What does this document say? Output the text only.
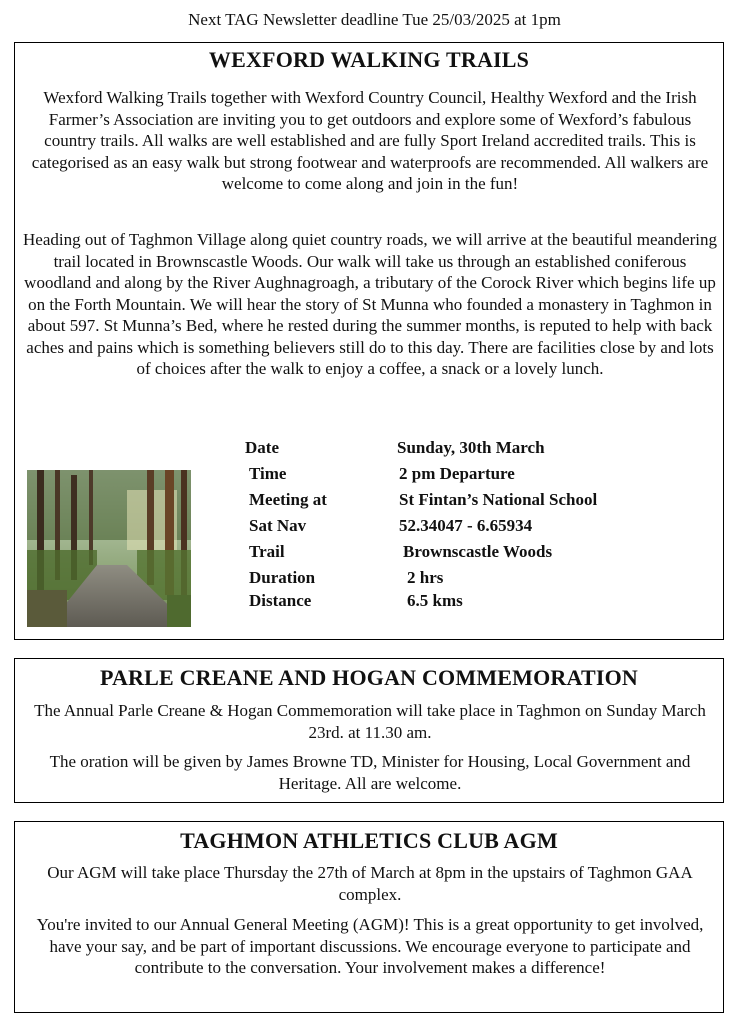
Next TAG Newsletter deadline Tue 25/03/2025 at 1pm
WEXFORD WALKING TRAILS

Wexford Walking Trails together with Wexford Country Council, Healthy Wexford and the Irish Farmer’s Association are inviting you to get outdoors and explore some of Wexford’s fabulous country trails. All walks are well established and are fully Sport Ireland accredited trails. This is categorised as an easy walk but strong footwear and waterproofs are recommended. All walkers are welcome to come along and join in the fun!

Heading out of Taghmon Village along quiet country roads, we will arrive at the beautiful meandering trail located in Brownscastle Woods. Our walk will take us through an established coniferous woodland and along by the River Aughnagroagh, a tributary of the Corock River which begins life up on the Forth Mountain. We will hear the story of St Munna who founded a monastery in Taghmon in about 597. St Munna’s Bed, where he rested during the summer months, is reputed to help with back aches and pains which is something believers still do to this day. There are facilities close by and lots of choices after the walk to enjoy a coffee, a snack or a lovely lunch.

Date	Sunday, 30th March
Time	2 pm Departure
Meeting at	St Fintan’s National School
Sat Nav	52.34047 - 6.65934
Trail	Brownscastle Woods
Duration	2 hrs
Distance	6.5 kms
PARLE CREANE AND HOGAN COMMEMORATION

The Annual Parle Creane & Hogan Commemoration will take place in Taghmon on Sunday March 23rd. at 11.30 am.

The oration will be given by James Browne TD, Minister for Housing, Local Government and Heritage. All are welcome.

TAGHMON ATHLETICS CLUB AGM

Our AGM will take place Thursday the 27th of March at 8pm in the upstairs of Taghmon GAA complex.

You're invited to our Annual General Meeting (AGM)! This is a great opportunity to get involved, have your say, and be part of important discussions. We encourage everyone to participate and contribute to the conversation. Your involvement makes a difference!
